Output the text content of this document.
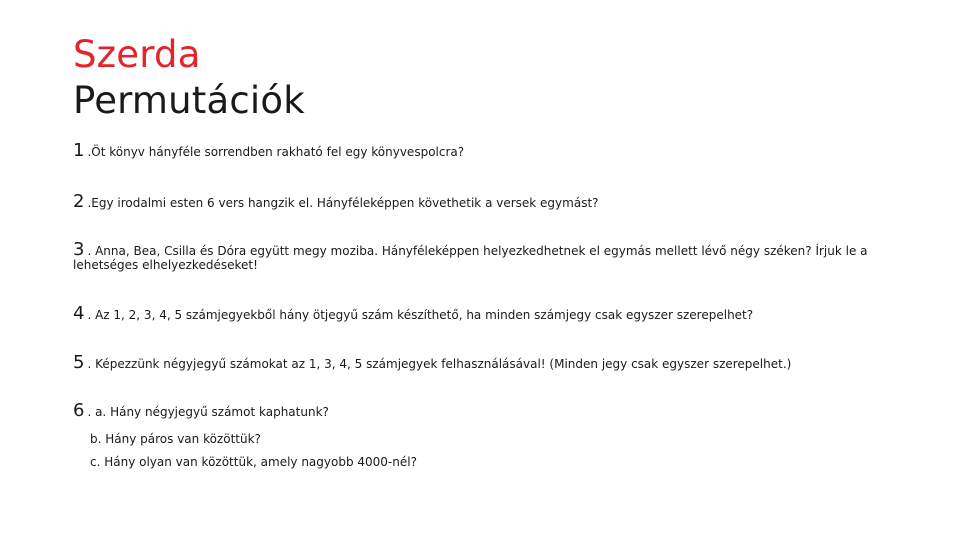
Szerda
Permutációk
1 .Öt könyv hányféle sorrendben rakható fel egy könyvespolcra?
2 .Egy irodalmi esten 6 vers hangzik el. Hányféleképpen követhetik a versek egymást?
3 . Anna, Bea, Csilla és Dóra együtt megy moziba. Hányféleképpen helyezkedhetnek el egymás mellett lévő négy széken? Írjuk le a lehetséges elhelyezkedéseket!
4 . Az 1, 2, 3, 4, 5 számjegyekből hány ötjegyű szám készíthető, ha minden számjegy csak egyszer szerepelhet?
5 . Képezzünk négyjegyű számokat az 1, 3, 4, 5 számjegyek felhasználásával! (Minden jegy csak egyszer szerepelhet.)
6 . a. Hány négyjegyű számot kaphatunk?
b. Hány páros van közöttük?
c. Hány olyan van közöttük, amely nagyobb 4000-nél?
